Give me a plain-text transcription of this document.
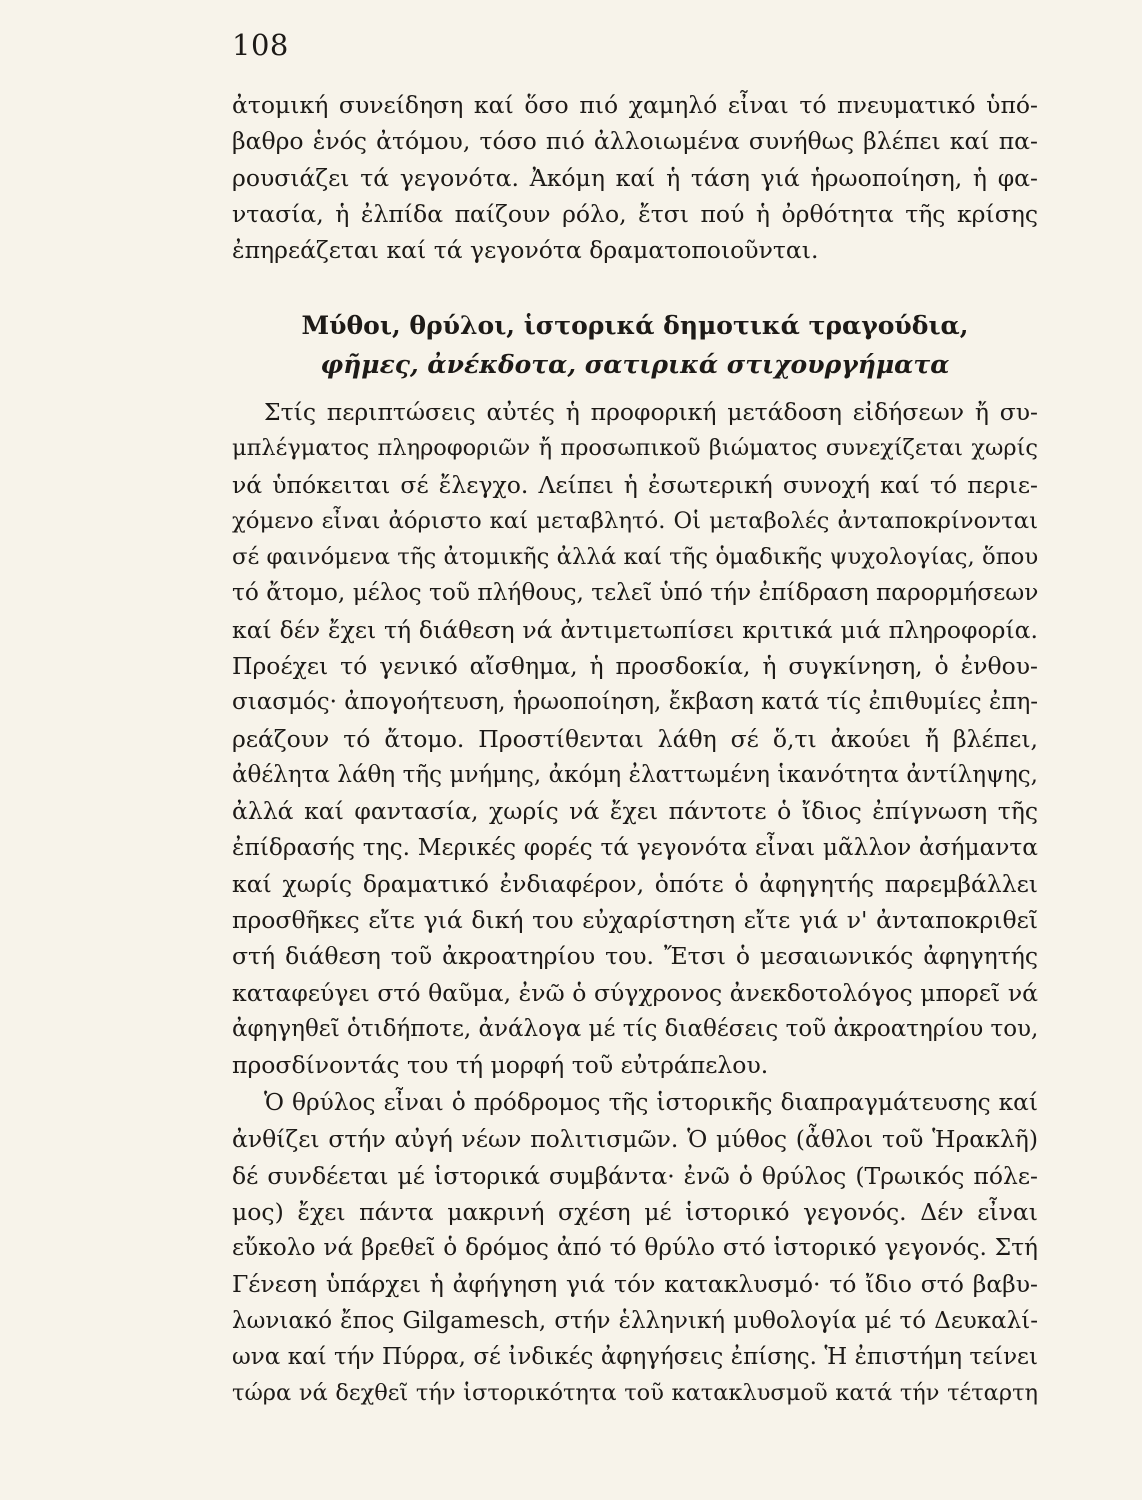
108
ἀτομική συνείδηση καί ὅσο πιό χαμηλό εἶναι τό πνευματικό ὑπό-
βαθρο ἑνός ἀτόμου, τόσο πιό ἀλλοιωμένα συνήθως βλέπει καί πα-
ρουσιάζει τά γεγονότα. Ἀκόμη καί ἡ τάση γιά ἡρωοποίηση, ἡ φα-
ντασία, ἡ ἐλπίδα παίζουν ρόλο, ἔτσι πού ἡ ὀρθότητα τῆς κρίσης
ἐπηρεάζεται καί τά γεγονότα δραματοποιοῦνται.
Μύθοι, θρύλοι, ἱστορικά δημοτικά τραγούδια,
φῆμες, ἀνέκδοτα, σατιρικά στιχουργήματα
Στίς περιπτώσεις αὐτές ἡ προφορική μετάδοση εἰδήσεων ἤ συ-
μπλέγματος πληροφοριῶν ἤ προσωπικοῦ βιώματος συνεχίζεται χωρίς
νά ὑπόκειται σέ ἔλεγχο. Λείπει ἡ ἐσωτερική συνοχή καί τό περιε-
χόμενο εἶναι ἀόριστο καί μεταβλητό. Οἱ μεταβολές ἀνταποκρίνονται
σέ φαινόμενα τῆς ἀτομικῆς ἀλλά καί τῆς ὁμαδικῆς ψυχολογίας, ὅπου
τό ἄτομο, μέλος τοῦ πλήθους, τελεῖ ὑπό τήν ἐπίδραση παρορμήσεων
καί δέν ἔχει τή διάθεση νά ἀντιμετωπίσει κριτικά μιά πληροφορία.
Προέχει τό γενικό αἴσθημα, ἡ προσδοκία, ἡ συγκίνηση, ὁ ἐνθου-
σιασμός· ἀπογοήτευση, ἡρωοποίηση, ἔκβαση κατά τίς ἐπιθυμίες ἐπη-
ρεάζουν τό ἄτομο. Προστίθενται λάθη σέ ὅ,τι ἀκούει ἤ βλέπει,
ἀθέλητα λάθη τῆς μνήμης, ἀκόμη ἐλαττωμένη ἱκανότητα ἀντίληψης,
ἀλλά καί φαντασία, χωρίς νά ἔχει πάντοτε ὁ ἴδιος ἐπίγνωση τῆς
ἐπίδρασής της. Μερικές φορές τά γεγονότα εἶναι μᾶλλον ἀσήμαντα
καί χωρίς δραματικό ἐνδιαφέρον, ὁπότε ὁ ἀφηγητής παρεμβάλλει
προσθῆκες εἴτε γιά δική του εὐχαρίστηση εἴτε γιά ν' ἀνταποκριθεῖ
στή διάθεση τοῦ ἀκροατηρίου του. Ἔτσι ὁ μεσαιωνικός ἀφηγητής
καταφεύγει στό θαῦμα, ἐνῶ ὁ σύγχρονος ἀνεκδοτολόγος μπορεῖ νά
ἀφηγηθεῖ ὁτιδήποτε, ἀνάλογα μέ τίς διαθέσεις τοῦ ἀκροατηρίου του,
προσδίνοντάς του τή μορφή τοῦ εὐτράπελου.
Ὁ θρύλος εἶναι ὁ πρόδρομος τῆς ἱστορικῆς διαπραγμάτευσης καί
ἀνθίζει στήν αὐγή νέων πολιτισμῶν. Ὁ μύθος (ἆθλοι τοῦ Ἡρακλῆ)
δέ συνδέεται μέ ἱστορικά συμβάντα· ἐνῶ ὁ θρύλος (Τρωικός πόλε-
μος) ἔχει πάντα μακρινή σχέση μέ ἱστορικό γεγονός. Δέν εἶναι
εὔκολο νά βρεθεῖ ὁ δρόμος ἀπό τό θρύλο στό ἱστορικό γεγονός. Στή
Γένεση ὑπάρχει ἡ ἀφήγηση γιά τόν κατακλυσμό· τό ἴδιο στό βαβυ-
λωνιακό ἔπος Gilgamesch, στήν ἑλληνική μυθολογία μέ τό Δευκαλί-
ωνα καί τήν Πύρρα, σέ ἰνδικές ἀφηγήσεις ἐπίσης. Ἡ ἐπιστήμη τείνει
τώρα νά δεχθεῖ τήν ἱστορικότητα τοῦ κατακλυσμοῦ κατά τήν τέταρτη
